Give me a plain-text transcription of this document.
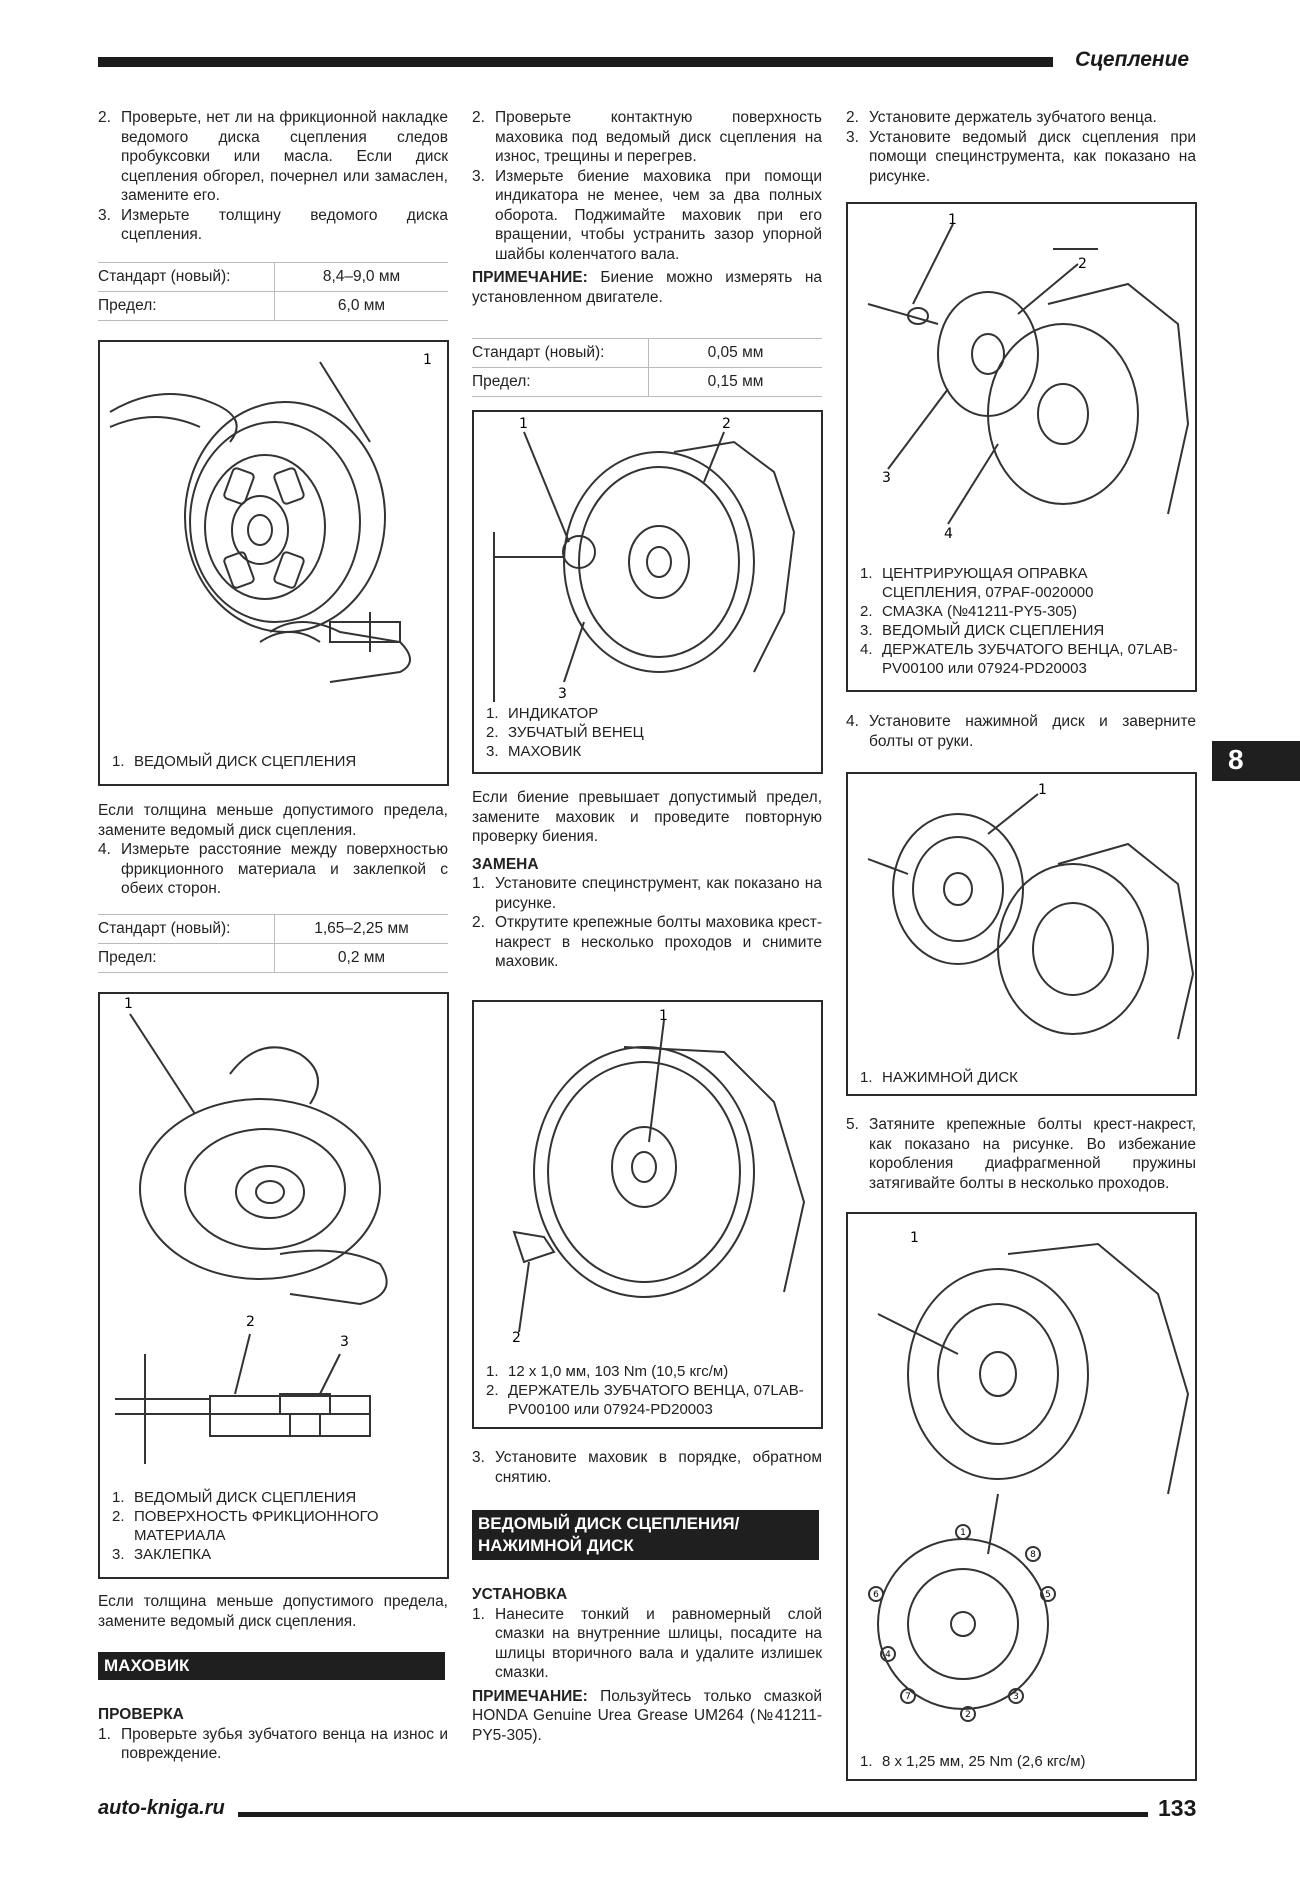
Сцепление
8
auto-kniga.ru	133
2. Проверьте, нет ли на фрикционной накладке ведомого диска сцепления следов пробуксовки или масла. Если диск сцепления обгорел, почернел или замаслен, замените его.
3. Измерьте толщину ведомого диска сцепления.
Стандарт (новый):	8,4–9,0 мм
Предел:	6,0 мм
1
1. ВЕДОМЫЙ ДИСК СЦЕПЛЕНИЯ
Если толщина меньше допустимого предела, замените ведомый диск сцепления.
4. Измерьте расстояние между поверхностью фрикционного материала и заклепкой с обеих сторон.
Стандарт (новый):	1,65–2,25 мм
Предел:	0,2 мм
1
2
3
1. ВЕДОМЫЙ ДИСК СЦЕПЛЕНИЯ
2. ПОВЕРХНОСТЬ ФРИКЦИОННОГО МАТЕРИАЛА
3. ЗАКЛЕПКА
Если толщина меньше допустимого предела, замените ведомый диск сцепления.
МАХОВИК
ПРОВЕРКА
1. Проверьте зубья зубчатого венца на износ и повреждение.
2. Проверьте контактную поверхность маховика под ведомый диск сцепления на износ, трещины и перегрев.
3. Измерьте биение маховика при помощи индикатора не менее, чем за два полных оборота. Поджимайте маховик при его вращении, чтобы устранить зазор упорной шайбы коленчатого вала.
ПРИМЕЧАНИЕ: Биение можно измерять на установленном двигателе.
Стандарт (новый):	0,05 мм
Предел:	0,15 мм
1	2
3
1. ИНДИКАТОР
2. ЗУБЧАТЫЙ ВЕНЕЦ
3. МАХОВИК
Если биение превышает допустимый предел, замените маховик и проведите повторную проверку биения.
ЗАМЕНА
1. Установите специнструмент, как показано на рисунке.
2. Открутите крепежные болты маховика крест-накрест в несколько проходов и снимите маховик.
1
2
1. 12 x 1,0 мм, 103 Nm (10,5 кгс/м)
2. ДЕРЖАТЕЛЬ ЗУБЧАТОГО ВЕНЦА, 07LAB-PV00100 или 07924-PD20003
3. Установите маховик в порядке, обратном снятию.
ВЕДОМЫЙ ДИСК СЦЕПЛЕНИЯ/
НАЖИМНОЙ ДИСК
УСТАНОВКА
1. Нанесите тонкий и равномерный слой смазки на внутренние шлицы, посадите на шлицы вторичного вала и удалите излишек смазки.
ПРИМЕЧАНИЕ: Пользуйтесь только смазкой HONDA Genuine Urea Grease UM264 (№41211-PY5-305).
2. Установите держатель зубчатого венца.
3. Установите ведомый диск сцепления при помощи специнструмента, как показано на рисунке.
1
2
3
4
1. ЦЕНТРИРУЮЩАЯ ОПРАВКА СЦЕПЛЕНИЯ, 07PAF-0020000
2. СМАЗКА (№41211-PY5-305)
3. ВЕДОМЫЙ ДИСК СЦЕПЛЕНИЯ
4. ДЕРЖАТЕЛЬ ЗУБЧАТОГО ВЕНЦА, 07LAB-PV00100 или 07924-PD20003
4. Установите нажимной диск и заверните болты от руки.
1
1. НАЖИМНОЙ ДИСК
5. Затяните крепежные болты крест-накрест, как показано на рисунке. Во избежание коробления диафрагменной пружины затягивайте болты в несколько проходов.
1
1
5
3
7
6
8
2
4
1. 8 x 1,25 мм, 25 Nm (2,6 кгс/м)
